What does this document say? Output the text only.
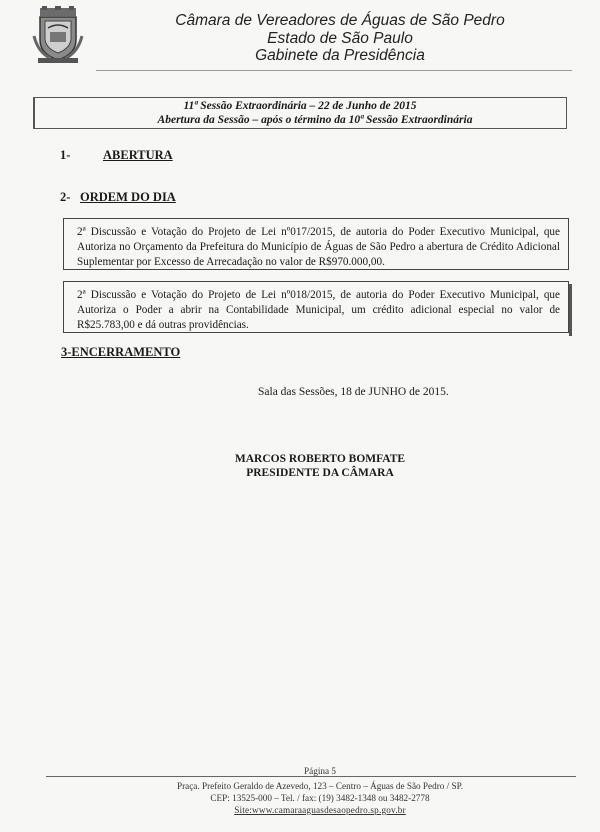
Câmara de Vereadores de Águas de São Pedro
Estado de São Paulo
Gabinete da Presidência
11ª Sessão Extraordinária – 22 de Junho de 2015
Abertura da Sessão – após o término da 10ª Sessão Extraordinária
1-	ABERTURA
2- ORDEM DO DIA
2ª Discussão e Votação do Projeto de Lei nº017/2015, de autoria do Poder Executivo Municipal, que Autoriza no Orçamento da Prefeitura do Município de Águas de São Pedro a abertura de Crédito Adicional Suplementar por Excesso de Arrecadação no valor de R$970.000,00.
2ª Discussão e Votação do Projeto de Lei nº018/2015, de autoria do Poder Executivo Municipal, que Autoriza o Poder a abrir na Contabilidade Municipal, um crédito adicional especial no valor de R$25.783,00 e dá outras providências.
3-ENCERRAMENTO
Sala das Sessões, 18 de JUNHO de 2015.
MARCOS ROBERTO BOMFATE
PRESIDENTE DA CÂMARA
Página 5
Praça. Prefeito Geraldo de Azevedo, 123 – Centro – Águas de São Pedro / SP.
CEP: 13525-000 – Tel. / fax: (19) 3482-1348 ou 3482-2778
Site:www.camaraaguasdesaopedro.sp.gov.br
